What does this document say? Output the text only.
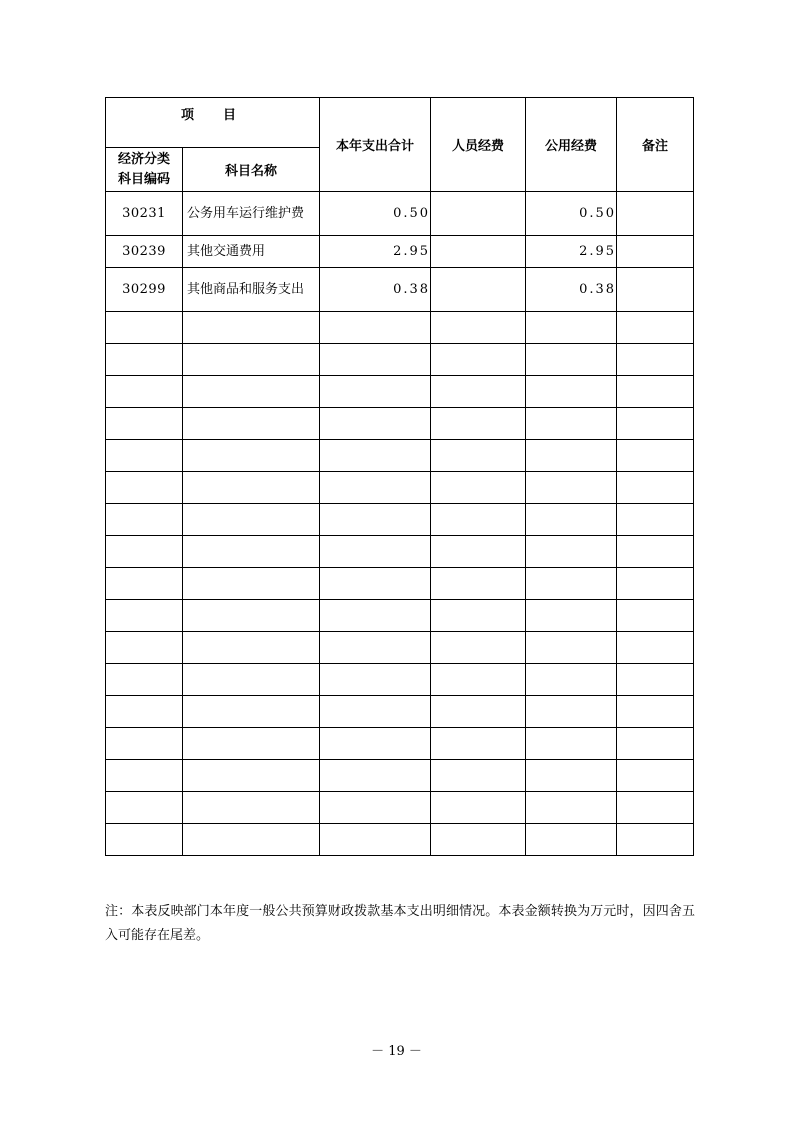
项　目		本年支出合计	人员经费	公用经费	备注

经济分类
科目编码	科目名称				
30231	公务用车运行维护费	0.50		0.50	
30239	其他交通费用	2.95		2.95	
30299	其他商品和服务支出	0.38		0.38	

注：本表反映部门本年度一般公共预算财政拨款基本支出明细情况。本表金额转换为万元时，因四舍五入可能存在尾差。
－ 19 －
